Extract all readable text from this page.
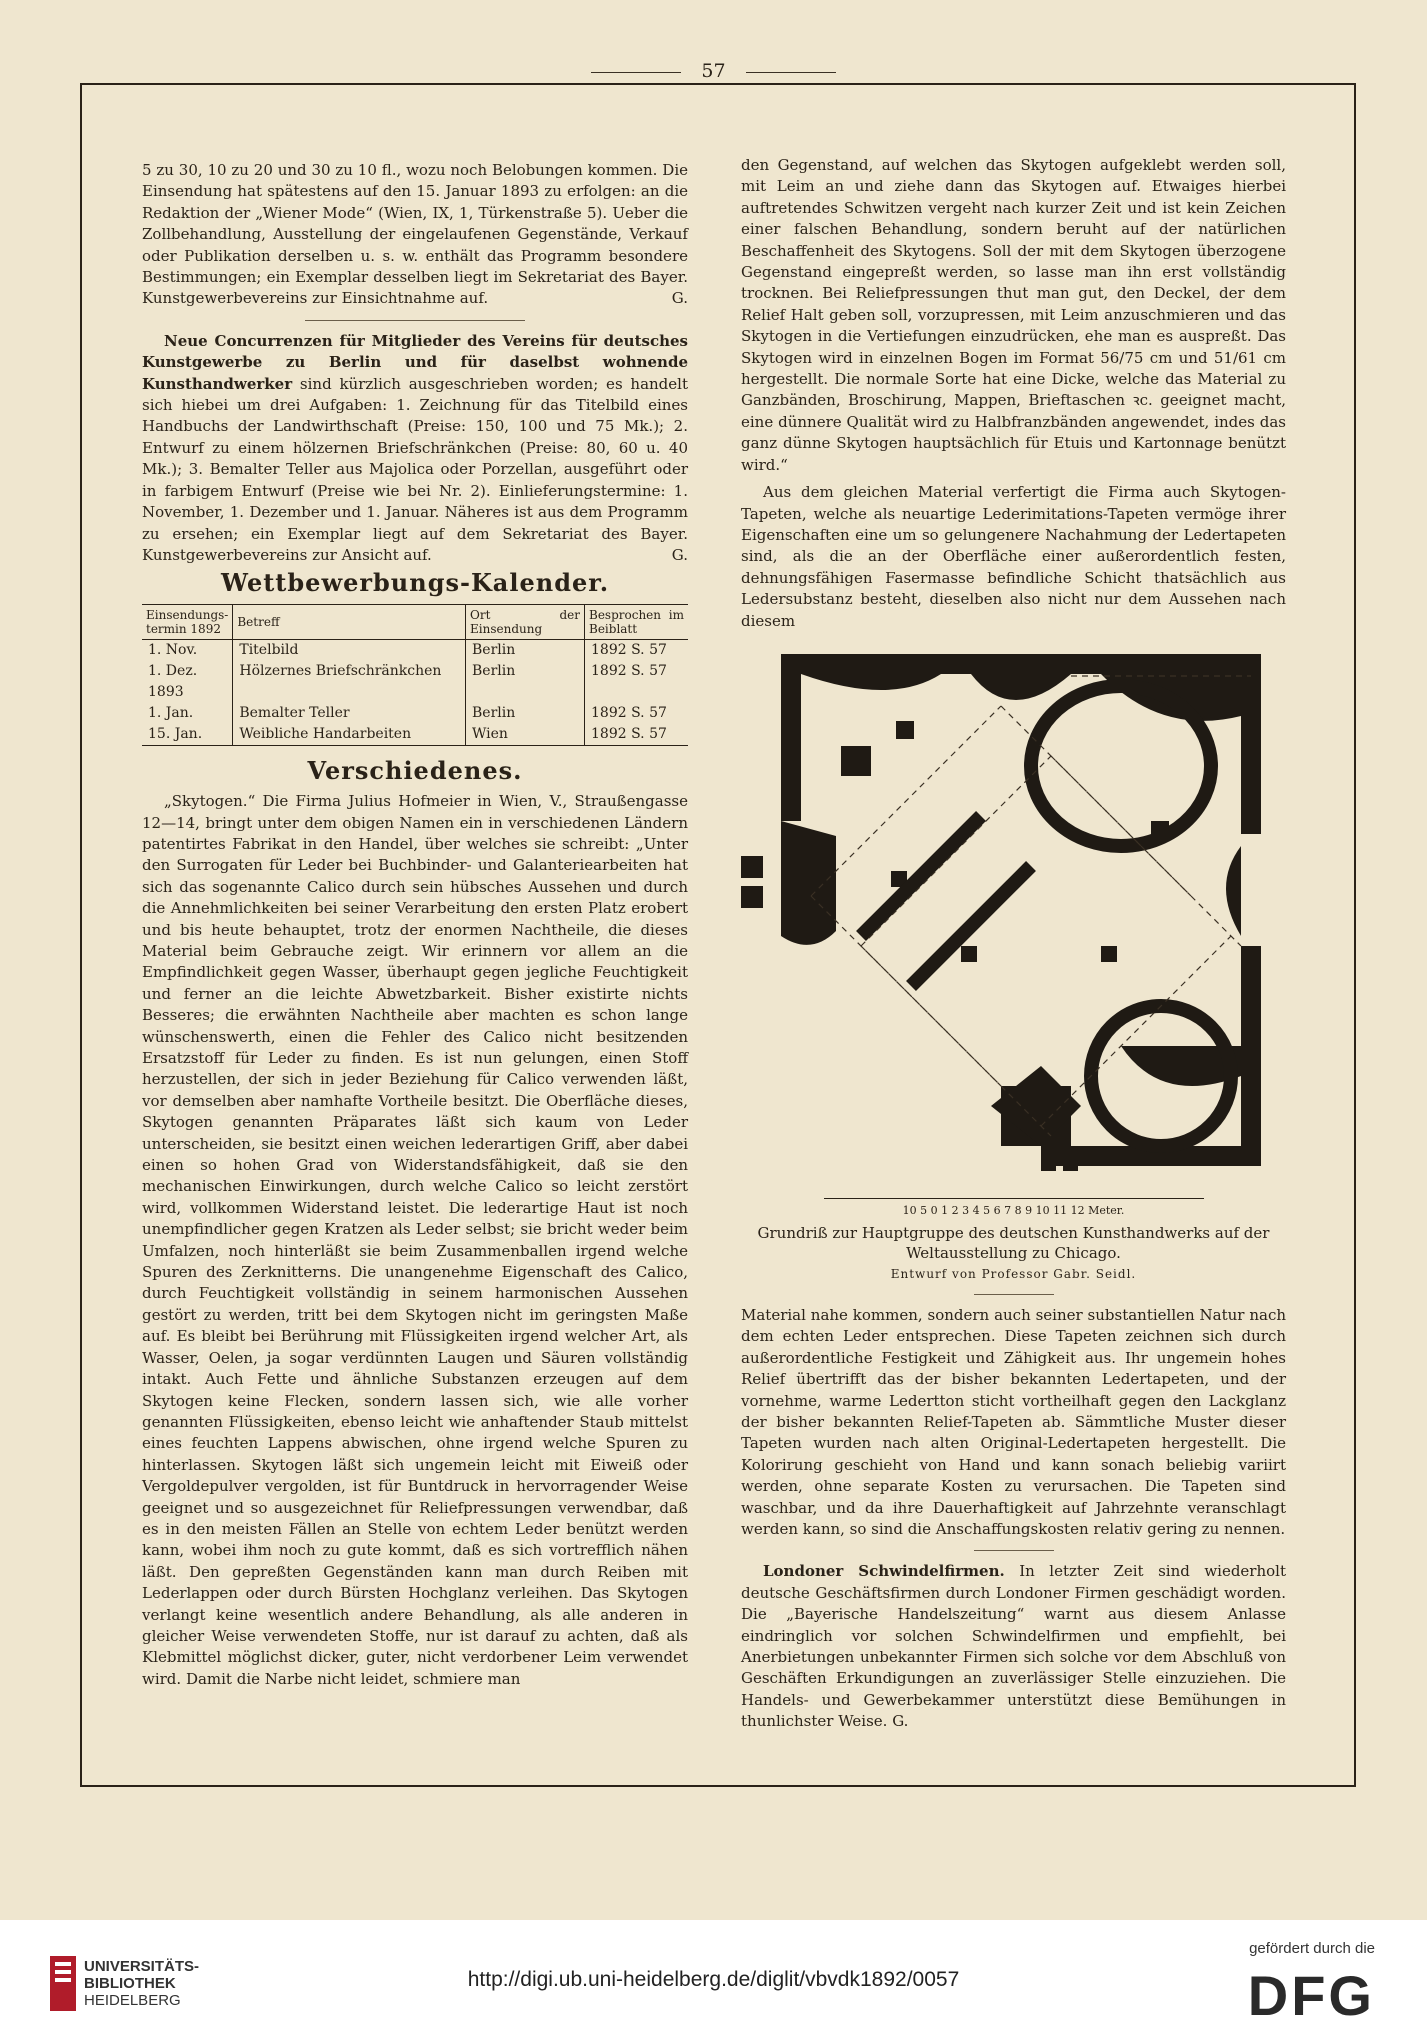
57

5 zu 30, 10 zu 20 und 30 zu 10 fl., wozu noch Belobungen kommen. Die Einsendung hat spätestens auf den 15. Januar 1893 zu erfolgen: an die Redaktion der „Wiener Mode“ (Wien, IX, 1, Türkenstraße 5). Ueber die Zollbehandlung, Ausstellung der eingelaufenen Gegenstände, Verkauf oder Publikation derselben u. s. w. enthält das Programm besondere Bestimmungen; ein Exemplar desselben liegt im Sekretariat des Bayer. Kunstgewerbevereins zur Einsichtnahme auf.	G.

Neue Concurrenzen für Mitglieder des Vereins für deutsches Kunstgewerbe zu Berlin und für daselbst wohnende Kunsthandwerker sind kürzlich ausgeschrieben worden; es handelt sich hiebei um drei Aufgaben: 1. Zeichnung für das Titelbild eines Handbuchs der Landwirthschaft (Preise: 150, 100 und 75 Mk.); 2. Entwurf zu einem hölzernen Briefschränkchen (Preise: 80, 60 u. 40 Mk.); 3. Bemalter Teller aus Majolica oder Porzellan, ausgeführt oder in farbigem Entwurf (Preise wie bei Nr. 2). Einlieferungstermine: 1. November, 1. Dezember und 1. Januar. Näheres ist aus dem Programm zu ersehen; ein Exemplar liegt auf dem Sekretariat des Bayer. Kunstgewerbevereins zur Ansicht auf.	G.

Wettbewerbungs-Kalender.
Einsendungs-termin 1892	Betreff	Ort der Einsendung	Besprochen im Beiblatt
1. Nov.	Titelbild	Berlin	1892 S. 57
1. Dez.	Hölzernes Briefschränkchen	Berlin	1892 S. 57
1893			
1. Jan.	Bemalter Teller	Berlin	1892 S. 57
15. Jan.	Weibliche Handarbeiten	Wien	1892 S. 57
Verschiedenes.

„Skytogen.“ Die Firma Julius Hofmeier in Wien, V., Straußengasse 12—14, bringt unter dem obigen Namen ein in verschiedenen Ländern patentirtes Fabrikat in den Handel, über welches sie schreibt: „Unter den Surrogaten für Leder bei Buchbinder- und Galanteriearbeiten hat sich das sogenannte Calico durch sein hübsches Aussehen und durch die Annehmlichkeiten bei seiner Verarbeitung den ersten Platz erobert und bis heute behauptet, trotz der enormen Nachtheile, die dieses Material beim Gebrauche zeigt. Wir erinnern vor allem an die Empfindlichkeit gegen Wasser, überhaupt gegen jegliche Feuchtigkeit und ferner an die leichte Abwetzbarkeit. Bisher existirte nichts Besseres; die erwähnten Nachtheile aber machten es schon lange wünschenswerth, einen die Fehler des Calico nicht besitzenden Ersatzstoff für Leder zu finden. Es ist nun gelungen, einen Stoff herzustellen, der sich in jeder Beziehung für Calico verwenden läßt, vor demselben aber namhafte Vortheile besitzt. Die Oberfläche dieses, Skytogen genannten Präparates läßt sich kaum von Leder unterscheiden, sie besitzt einen weichen lederartigen Griff, aber dabei einen so hohen Grad von Widerstandsfähigkeit, daß sie den mechanischen Einwirkungen, durch welche Calico so leicht zerstört wird, vollkommen Widerstand leistet. Die lederartige Haut ist noch unempfindlicher gegen Kratzen als Leder selbst; sie bricht weder beim Umfalzen, noch hinterläßt sie beim Zusammenballen irgend welche Spuren des Zerknitterns. Die unangenehme Eigenschaft des Calico, durch Feuchtigkeit vollständig in seinem harmonischen Aussehen gestört zu werden, tritt bei dem Skytogen nicht im geringsten Maße auf. Es bleibt bei Berührung mit Flüssigkeiten irgend welcher Art, als Wasser, Oelen, ja sogar verdünnten Laugen und Säuren vollständig intakt. Auch Fette und ähnliche Substanzen erzeugen auf dem Skytogen keine Flecken, sondern lassen sich, wie alle vorher genannten Flüssigkeiten, ebenso leicht wie anhaftender Staub mittelst eines feuchten Lappens abwischen, ohne irgend welche Spuren zu hinterlassen. Skytogen läßt sich ungemein leicht mit Eiweiß oder Vergoldepulver vergolden, ist für Buntdruck in hervorragender Weise geeignet und so ausgezeichnet für Reliefpressungen verwendbar, daß es in den meisten Fällen an Stelle von echtem Leder benützt werden kann, wobei ihm noch zu gute kommt, daß es sich vortrefflich nähen läßt. Den gepreßten Gegenständen kann man durch Reiben mit Lederlappen oder durch Bürsten Hochglanz verleihen. Das Skytogen verlangt keine wesentlich andere Behandlung, als alle anderen in gleicher Weise verwendeten Stoffe, nur ist darauf zu achten, daß als Klebmittel möglichst dicker, guter, nicht verdorbener Leim verwendet wird. Damit die Narbe nicht leidet, schmiere man

den Gegenstand, auf welchen das Skytogen aufgeklebt werden soll, mit Leim an und ziehe dann das Skytogen auf. Etwaiges hierbei auftretendes Schwitzen vergeht nach kurzer Zeit und ist kein Zeichen einer falschen Behandlung, sondern beruht auf der natürlichen Beschaffenheit des Skytogens. Soll der mit dem Skytogen überzogene Gegenstand eingepreßt werden, so lasse man ihn erst vollständig trocknen. Bei Reliefpressungen thut man gut, den Deckel, der dem Relief Halt geben soll, vorzupressen, mit Leim anzuschmieren und das Skytogen in die Vertiefungen einzudrücken, ehe man es auspreßt. Das Skytogen wird in einzelnen Bogen im Format 56/75 cm und 51/61 cm hergestellt. Die normale Sorte hat eine Dicke, welche das Material zu Ganzbänden, Broschirung, Mappen, Brieftaschen ꝛc. geeignet macht, eine dünnere Qualität wird zu Halbfranzbänden angewendet, indes das ganz dünne Skytogen hauptsächlich für Etuis und Kartonnage benützt wird.“

Aus dem gleichen Material verfertigt die Firma auch Skytogen-Tapeten, welche als neuartige Lederimitations-Tapeten vermöge ihrer Eigenschaften eine um so gelungenere Nachahmung der Ledertapeten sind, als die an der Oberfläche einer außerordentlich festen, dehnungsfähigen Fasermasse befindliche Schicht thatsächlich aus Ledersubstanz besteht, dieselben also nicht nur dem Aussehen nach diesem

10 5 0 1 2 3 4 5 6 7 8 9 10 11 12 Meter.
Grundriß zur Hauptgruppe des deutschen Kunsthandwerks auf der Weltausstellung zu Chicago.
Entwurf von Professor Gabr. Seidl.

Material nahe kommen, sondern auch seiner substantiellen Natur nach dem echten Leder entsprechen. Diese Tapeten zeichnen sich durch außerordentliche Festigkeit und Zähigkeit aus. Ihr ungemein hohes Relief übertrifft das der bisher bekannten Ledertapeten, und der vornehme, warme Ledertton sticht vortheilhaft gegen den Lackglanz der bisher bekannten Relief-Tapeten ab. Sämmtliche Muster dieser Tapeten wurden nach alten Original-Ledertapeten hergestellt. Die Kolorirung geschieht von Hand und kann sonach beliebig variirt werden, ohne separate Kosten zu verursachen. Die Tapeten sind waschbar, und da ihre Dauerhaftigkeit auf Jahrzehnte veranschlagt werden kann, so sind die Anschaffungskosten relativ gering zu nennen.

Londoner Schwindelfirmen. In letzter Zeit sind wiederholt deutsche Geschäftsfirmen durch Londoner Firmen geschädigt worden. Die „Bayerische Handelszeitung“ warnt aus diesem Anlasse eindringlich vor solchen Schwindelfirmen und empfiehlt, bei Anerbietungen unbekannter Firmen sich solche vor dem Abschluß von Geschäften Erkundigungen an zuverlässiger Stelle einzuziehen. Die Handels- und Gewerbekammer unterstützt diese Bemühungen in thunlichster Weise. G.

UNIVERSITÄTS-
BIBLIOTHEK
HEIDELBERG
http://digi.ub.uni-heidelberg.de/diglit/vbvdk1892/0057
gefördert durch die
DFG
